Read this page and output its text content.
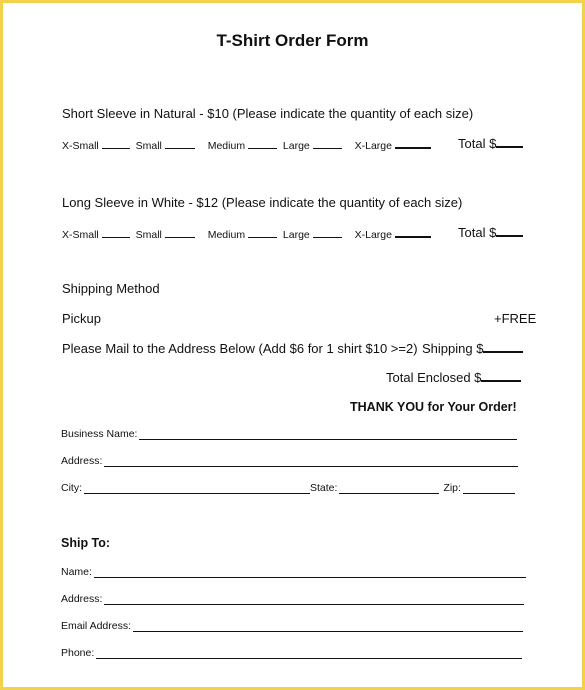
T-Shirt Order Form
Short Sleeve in Natural - $10 (Please indicate the quantity of each size)
X-Small	Small	Medium	Large	X-Large	Total $
Long Sleeve in White - $12 (Please indicate the quantity of each size)
X-Small	Small	Medium	Large	X-Large	Total $
Shipping Method
Pickup	+FREE
Please Mail to the Address Below (Add $6 for 1 shirt $10 >=2) Shipping $
Total Enclosed $
THANK YOU for Your Order!
Business Name:
Address:
City:	State:	Zip:
Ship To:
Name:
Address:
Email Address:
Phone:
